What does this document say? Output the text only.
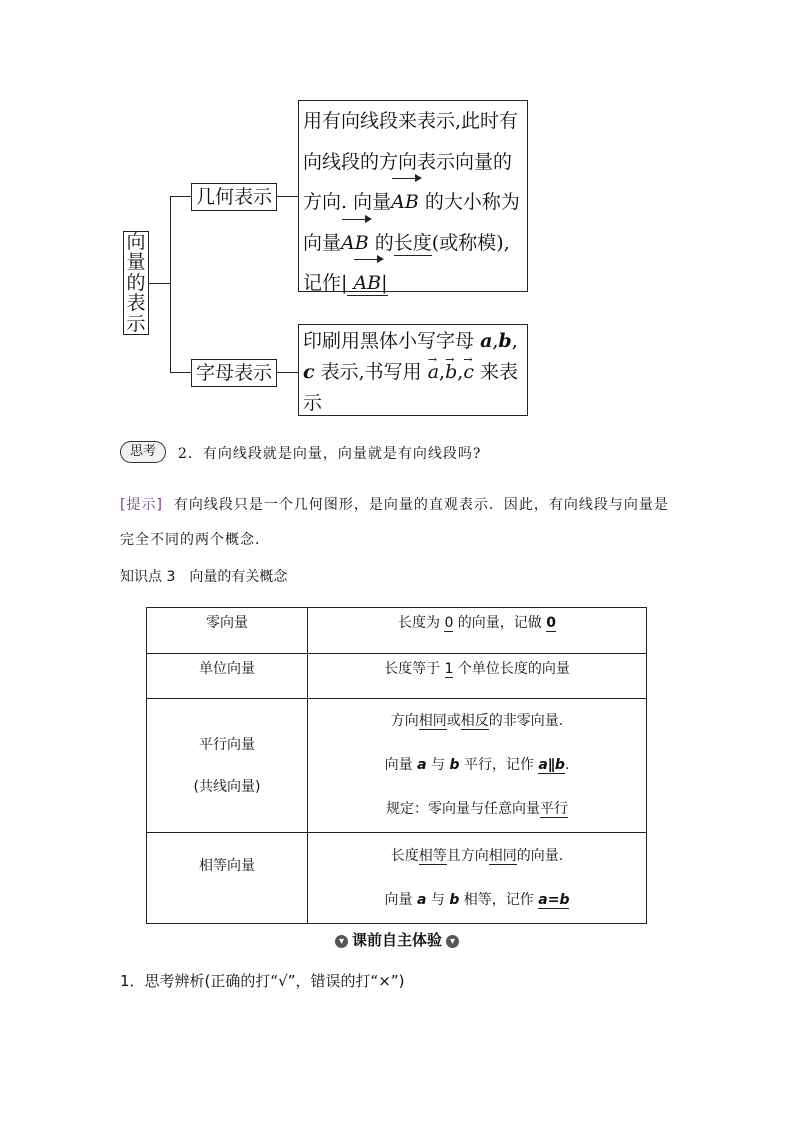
向
量
的
表
示
几何表示
用有向线段来表示,此时有
向线段的方向表示向量的
方向. 向量AB 的大小称为
向量AB 的长度(或称模),
记作| AB|
字母表示
印刷用黑体小写字母 a,b,
c 表示,书写用 → a,→ b,→ c 来表
示
思考	2．有向线段就是向量，向量就是有向线段吗?
[提示] 有向线段只是一个几何图形，是向量的直观表示．因此，有向线段与向量是完全不同的两个概念．
知识点 3　向量的有关概念
零向量	长度为 0 的向量，记做 0
单位向量	长度等于 1 个单位长度的向量

平行向量
(共线向量)	方向相同或相反的非零向量.
向量 a 与 b 平行，记作 a∥b.
规定：零向量与任意向量平行

相等向量	长度相等且方向相同的向量.
向量 a 与 b 相等，记作 a=b
▾ 课前自主体验 ▾
1．思考辨析(正确的打“√”，错误的打“×”)
